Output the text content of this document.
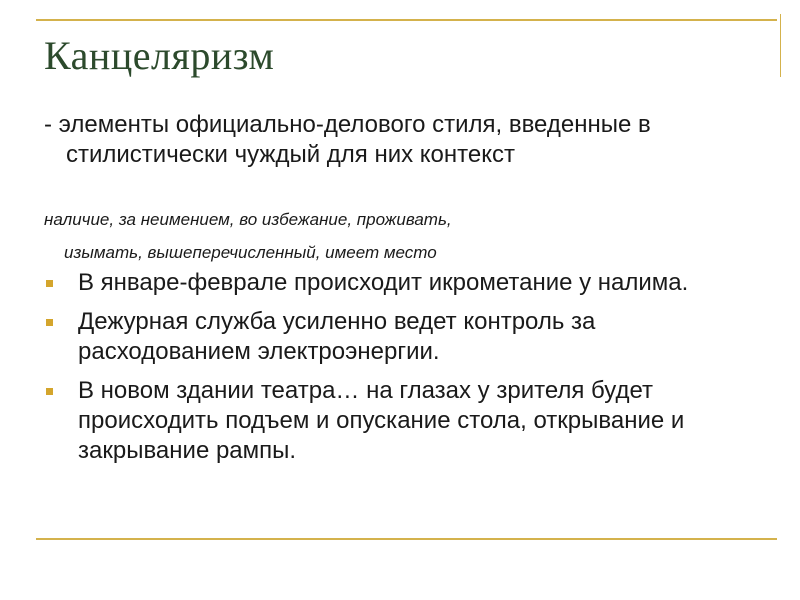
Канцеляризм
- элементы официально-делового стиля, введенные в стилистически чуждый для них контекст
наличие, за неимением, во избежание, проживать,
изымать, вышеперечисленный, имеет место
В январе-феврале происходит икрометание у налима.
Дежурная служба усиленно ведет контроль за расходованием электроэнергии.
В новом здании театра… на глазах у зрителя будет происходить подъем и опускание стола, открывание и закрывание рампы.
